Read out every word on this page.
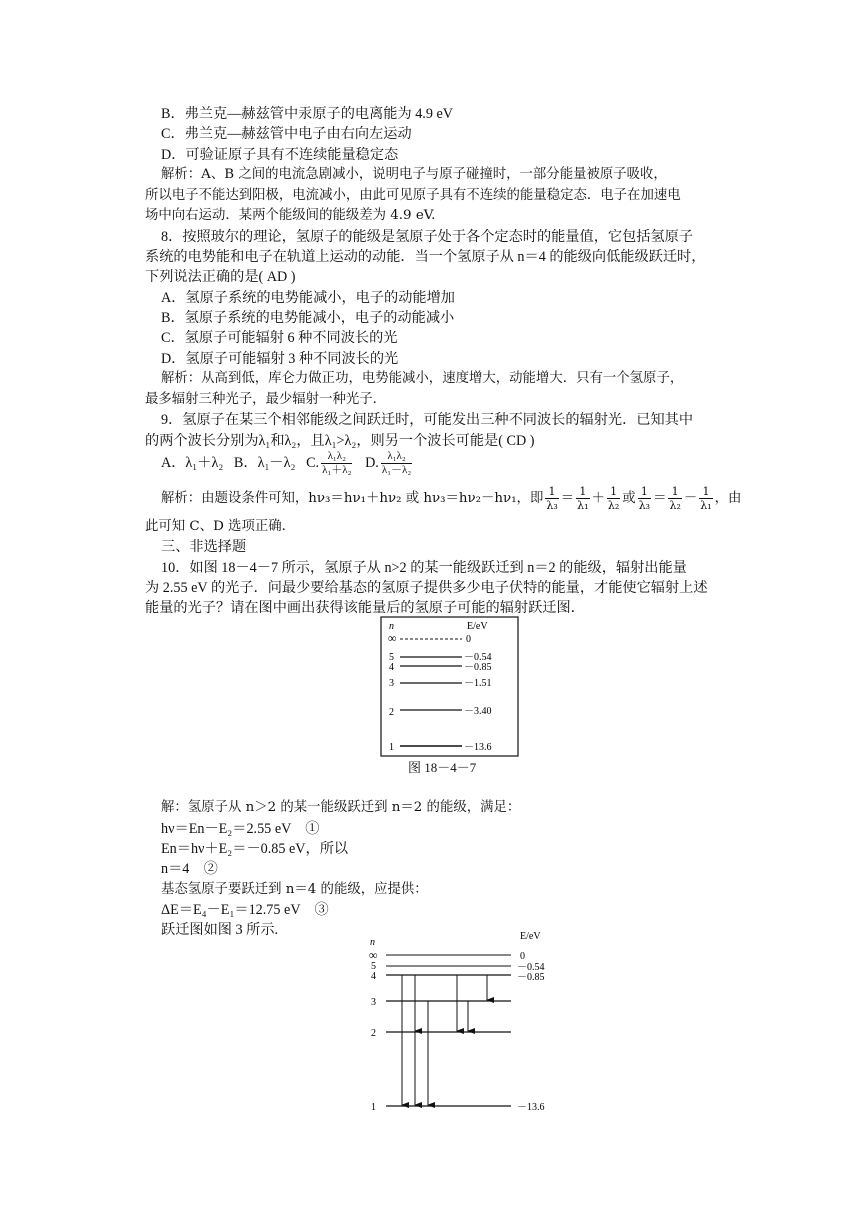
B．弗兰克—赫兹管中汞原子的电离能为 4.9 eV
C．弗兰克—赫兹管中电子由右向左运动
D．可验证原子具有不连续能量稳定态
解析：A、B 之间的电流急剧减小，说明电子与原子碰撞时，一部分能量被原子吸收，
所以电子不能达到阳极，电流减小，由此可见原子具有不连续的能量稳定态．电子在加速电
场中向右运动．某两个能级间的能级差为 4.9 eV.
8．按照玻尔的理论，氢原子的能级是氢原子处于各个定态时的能量值，它包括氢原子
系统的电势能和电子在轨道上运动的动能．当一个氢原子从 n＝4 的能级向低能级跃迁时，
下列说法正确的是( AD )
A．氢原子系统的电势能减小，电子的动能增加
B．氢原子系统的电势能减小，电子的动能减小
C．氢原子可能辐射 6 种不同波长的光
D．氢原子可能辐射 3 种不同波长的光
解析：从高到低，库仑力做正功，电势能减小，速度增大，动能增大．只有一个氢原子，
最多辐射三种光子，最少辐射一种光子．
9．氢原子在某三个相邻能级之间跃迁时，可能发出三种不同波长的辐射光．已知其中
的两个波长分别为λ₁和λ₂，且λ₁>λ₂，则另一个波长可能是( CD )
A．λ₁＋λ₂ B．λ₁－λ₂ C. $\frac{\text{λ₁λ₂}}{\text{λ₁＋λ₂}} D$. $\frac{\text{λ₁λ₂}}{\text{λ₁－λ₂}}$
解析：由题设条件可知，hν₃＝hν₁＋hν₂ 或 hν₃＝hν₂－hν₁，即 $\frac{1}{\text{λ₃}} = \frac{1}{\text{λ₁}} + \frac{1}{\text{λ₂}}$ 或 $\frac{1}{\text{λ₃}} = \frac{1}{\text{λ₂}} - \frac{1}{\text{λ₁}}$ ，由
此可知 C、D 选项正确．
三、非选择题
10．如图 18－4－7 所示，氢原子从 n>2 的某一能级跃迁到 n＝2 的能级，辐射出能量
为 2.55 eV 的光子．问最少要给基态的氢原子提供多少电子伏特的能量，才能使它辐射上述
能量的光子？请在图中画出获得该能量后的氢原子可能的辐射跃迁图．
n	E/eV
∞	0
5	－0.54
4	－0.85
3	－1.51
2	－3.40
1	－13.6
图 18－4－7
解：氢原子从 n＞2 的某一能级跃迁到 n＝2 的能级，满足：
hν＝En－E₂＝2.55 eV　①
En＝hν＋E₂＝－0.85 eV，所以
n＝4　②
基态氢原子要跃迁到 n＝4 的能级，应提供：
ΔE＝E₄－E₁＝12.75 eV　③
跃迁图如图 3 所示.
n
E/eV
∞	0
5	－0.54
4	－0.85
3
2
1	－13.6
